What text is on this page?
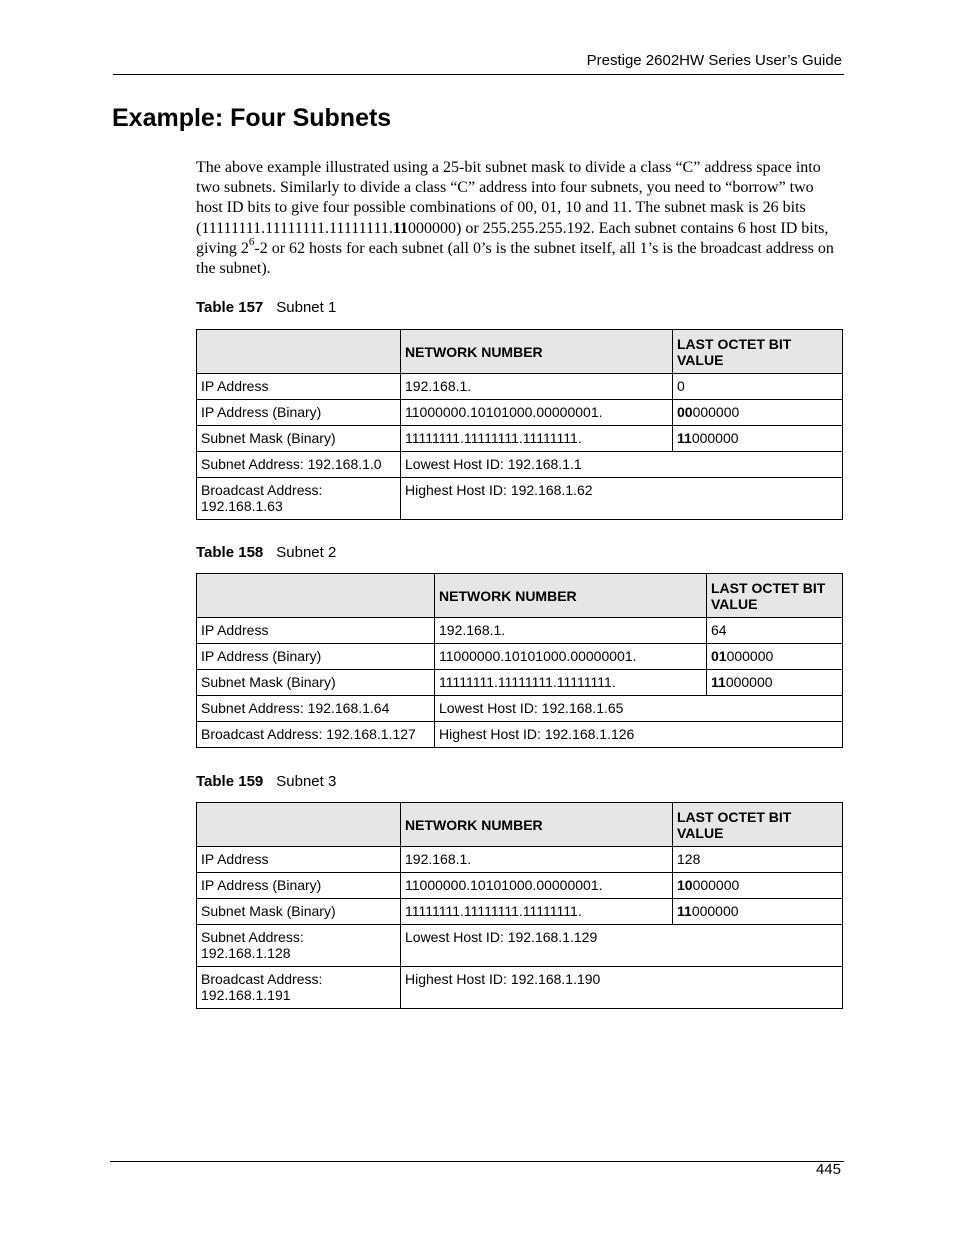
Prestige 2602HW Series User’s Guide
Example: Four Subnets

The above example illustrated using a 25-bit subnet mask to divide a class “C” address space into two subnets. Similarly to divide a class “C” address into four subnets, you need to “borrow” two host ID bits to give four possible combinations of 00, 01, 10 and 11. The subnet mask is 26 bits (11111111.11111111.11111111.11000000) or 255.255.255.192. Each subnet contains 6 host ID bits, giving $2^6-2$ or 62 hosts for each subnet (all 0’s is the subnet itself, all 1’s is the broadcast address on the subnet).

Table 157 Subnet 1

	NETWORK NUMBER	LAST OCTET BIT VALUE
IP Address	192.168.1.	0
IP Address (Binary)	11000000.10101000.00000001.	00000000
Subnet Mask (Binary)	11111111.11111111.11111111.	11000000
Subnet Address: 192.168.1.0	Lowest Host ID: 192.168.1.1	
Broadcast Address: 192.168.1.63	Highest Host ID: 192.168.1.62	

Table 158 Subnet 2

	NETWORK NUMBER	LAST OCTET BIT VALUE
IP Address	192.168.1.	64
IP Address (Binary)	11000000.10101000.00000001.	01000000
Subnet Mask (Binary)	11111111.11111111.11111111.	11000000
Subnet Address: 192.168.1.64	Lowest Host ID: 192.168.1.65	
Broadcast Address: 192.168.1.127	Highest Host ID: 192.168.1.126	

Table 159 Subnet 3

	NETWORK NUMBER	LAST OCTET BIT VALUE
IP Address	192.168.1.	128
IP Address (Binary)	11000000.10101000.00000001.	10000000
Subnet Mask (Binary)	11111111.11111111.11111111.	11000000
Subnet Address: 192.168.1.128	Lowest Host ID: 192.168.1.129	
Broadcast Address: 192.168.1.191	Highest Host ID: 192.168.1.190	
445
